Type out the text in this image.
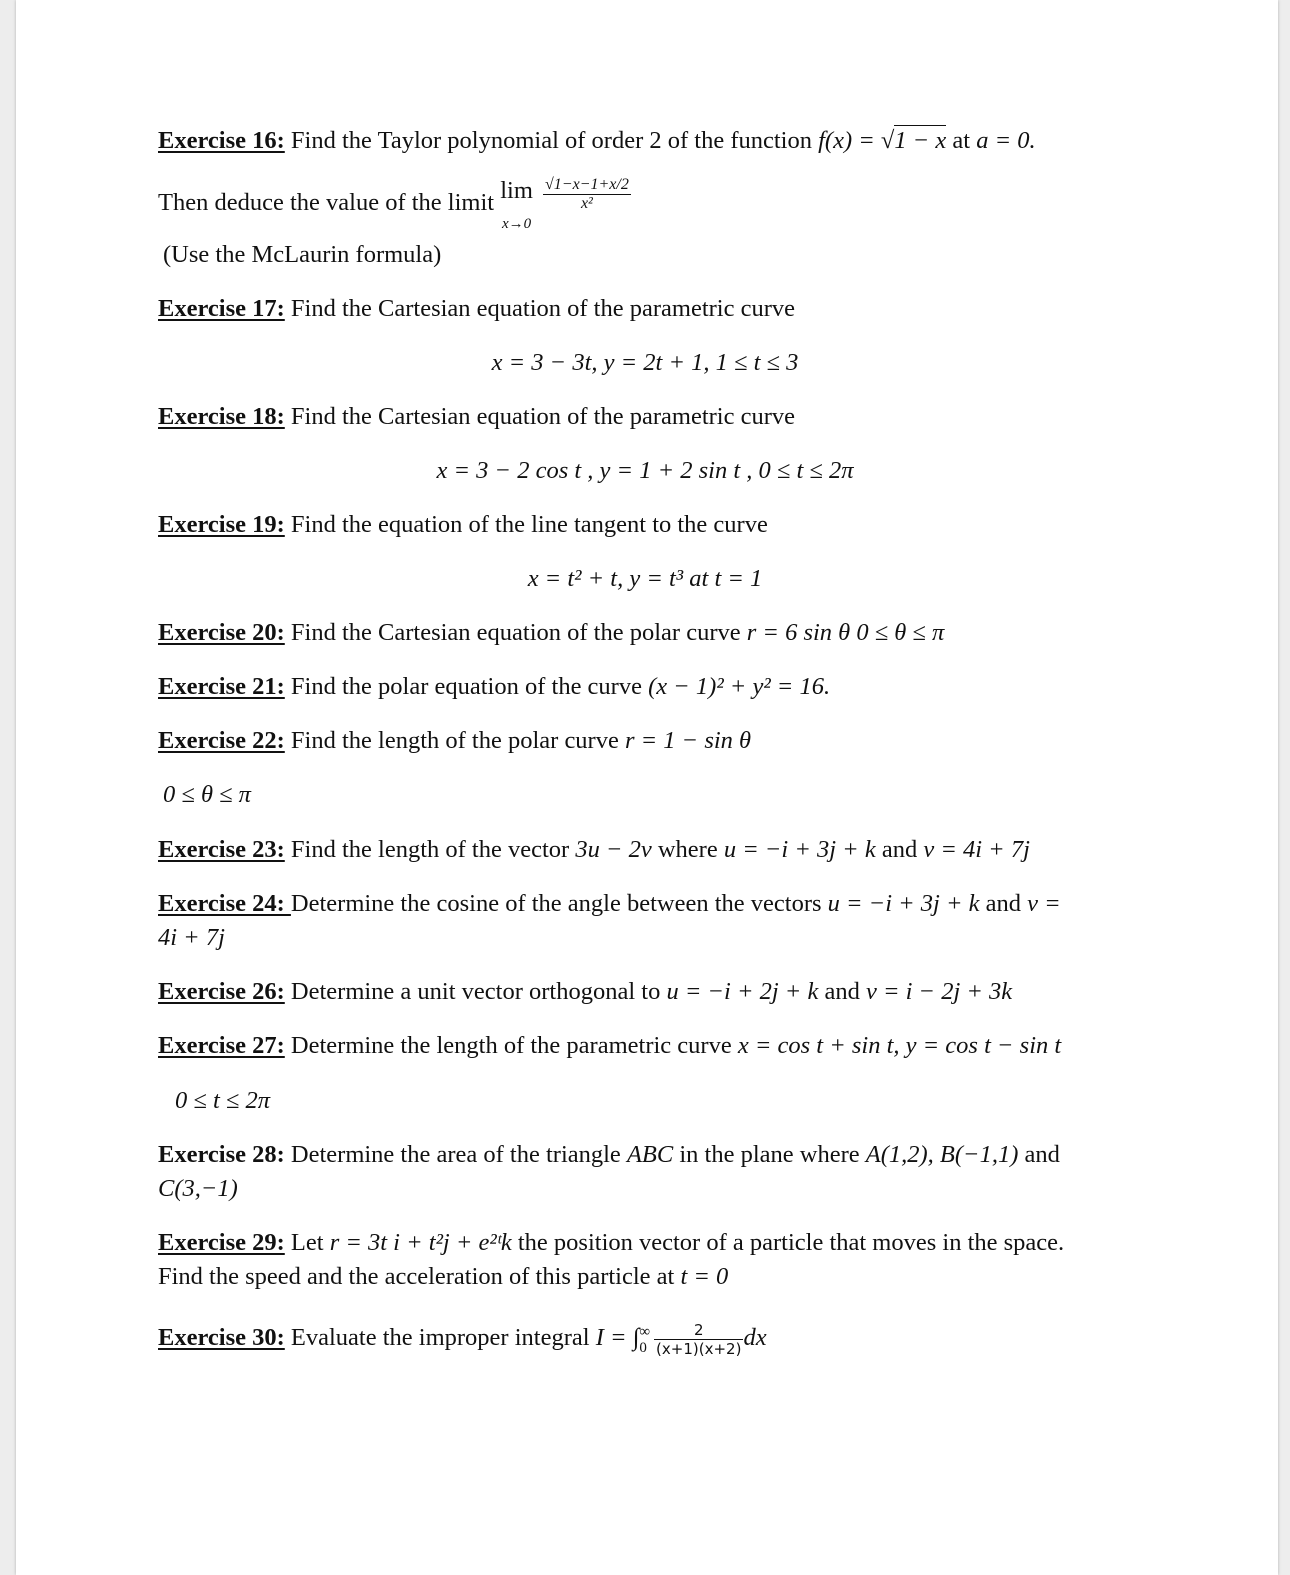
Exercise 16: Find the Taylor polynomial of order 2 of the function f(x) = √1 − x at a = 0.
Then deduce the value of the limit lim
x→0
$\frac{√1-x-1+x/2}{\text{x²}}$
(Use the McLaurin formula)
Exercise 17: Find the Cartesian equation of the parametric curve
x = 3 − 3t, y = 2t + 1, 1 ≤ t ≤ 3
Exercise 18: Find the Cartesian equation of the parametric curve
x = 3 − 2 cos t , y = 1 + 2 sin t , 0 ≤ t ≤ 2π
Exercise 19: Find the equation of the line tangent to the curve
x = t² + t, y = t³ at t = 1
Exercise 20: Find the Cartesian equation of the polar curve r = 6 sin θ 0 ≤ θ ≤ π
Exercise 21: Find the polar equation of the curve (x − 1)² + y² = 16.
Exercise 22: Find the length of the polar curve r = 1 − sin θ
0 ≤ θ ≤ π
Exercise 23: Find the length of the vector 3u − 2v where u = −i + 3j + k and v = 4i + 7j
Exercise 24: Determine the cosine of the angle between the vectors u = −i + 3j + k and v =
4i + 7j
Exercise 26: Determine a unit vector orthogonal to u = −i + 2j + k and v = i − 2j + 3k
Exercise 27: Determine the length of the parametric curve x = cos t + sin t, y = cos t − sin t
0 ≤ t ≤ 2π
Exercise 28: Determine the area of the triangle ABC in the plane where A(1,2), B(−1,1) and
C(3,−1)
Exercise 29: Let r = 3t i + t²j + e²ᵗk the position vector of a particle that moves in the space.
Find the speed and the acceleration of this particle at t = 0
Exercise 30: Evaluate the improper integral I = ∫ ∞
$0 \frac{2}{(x+1)(x+2)}$ dx
